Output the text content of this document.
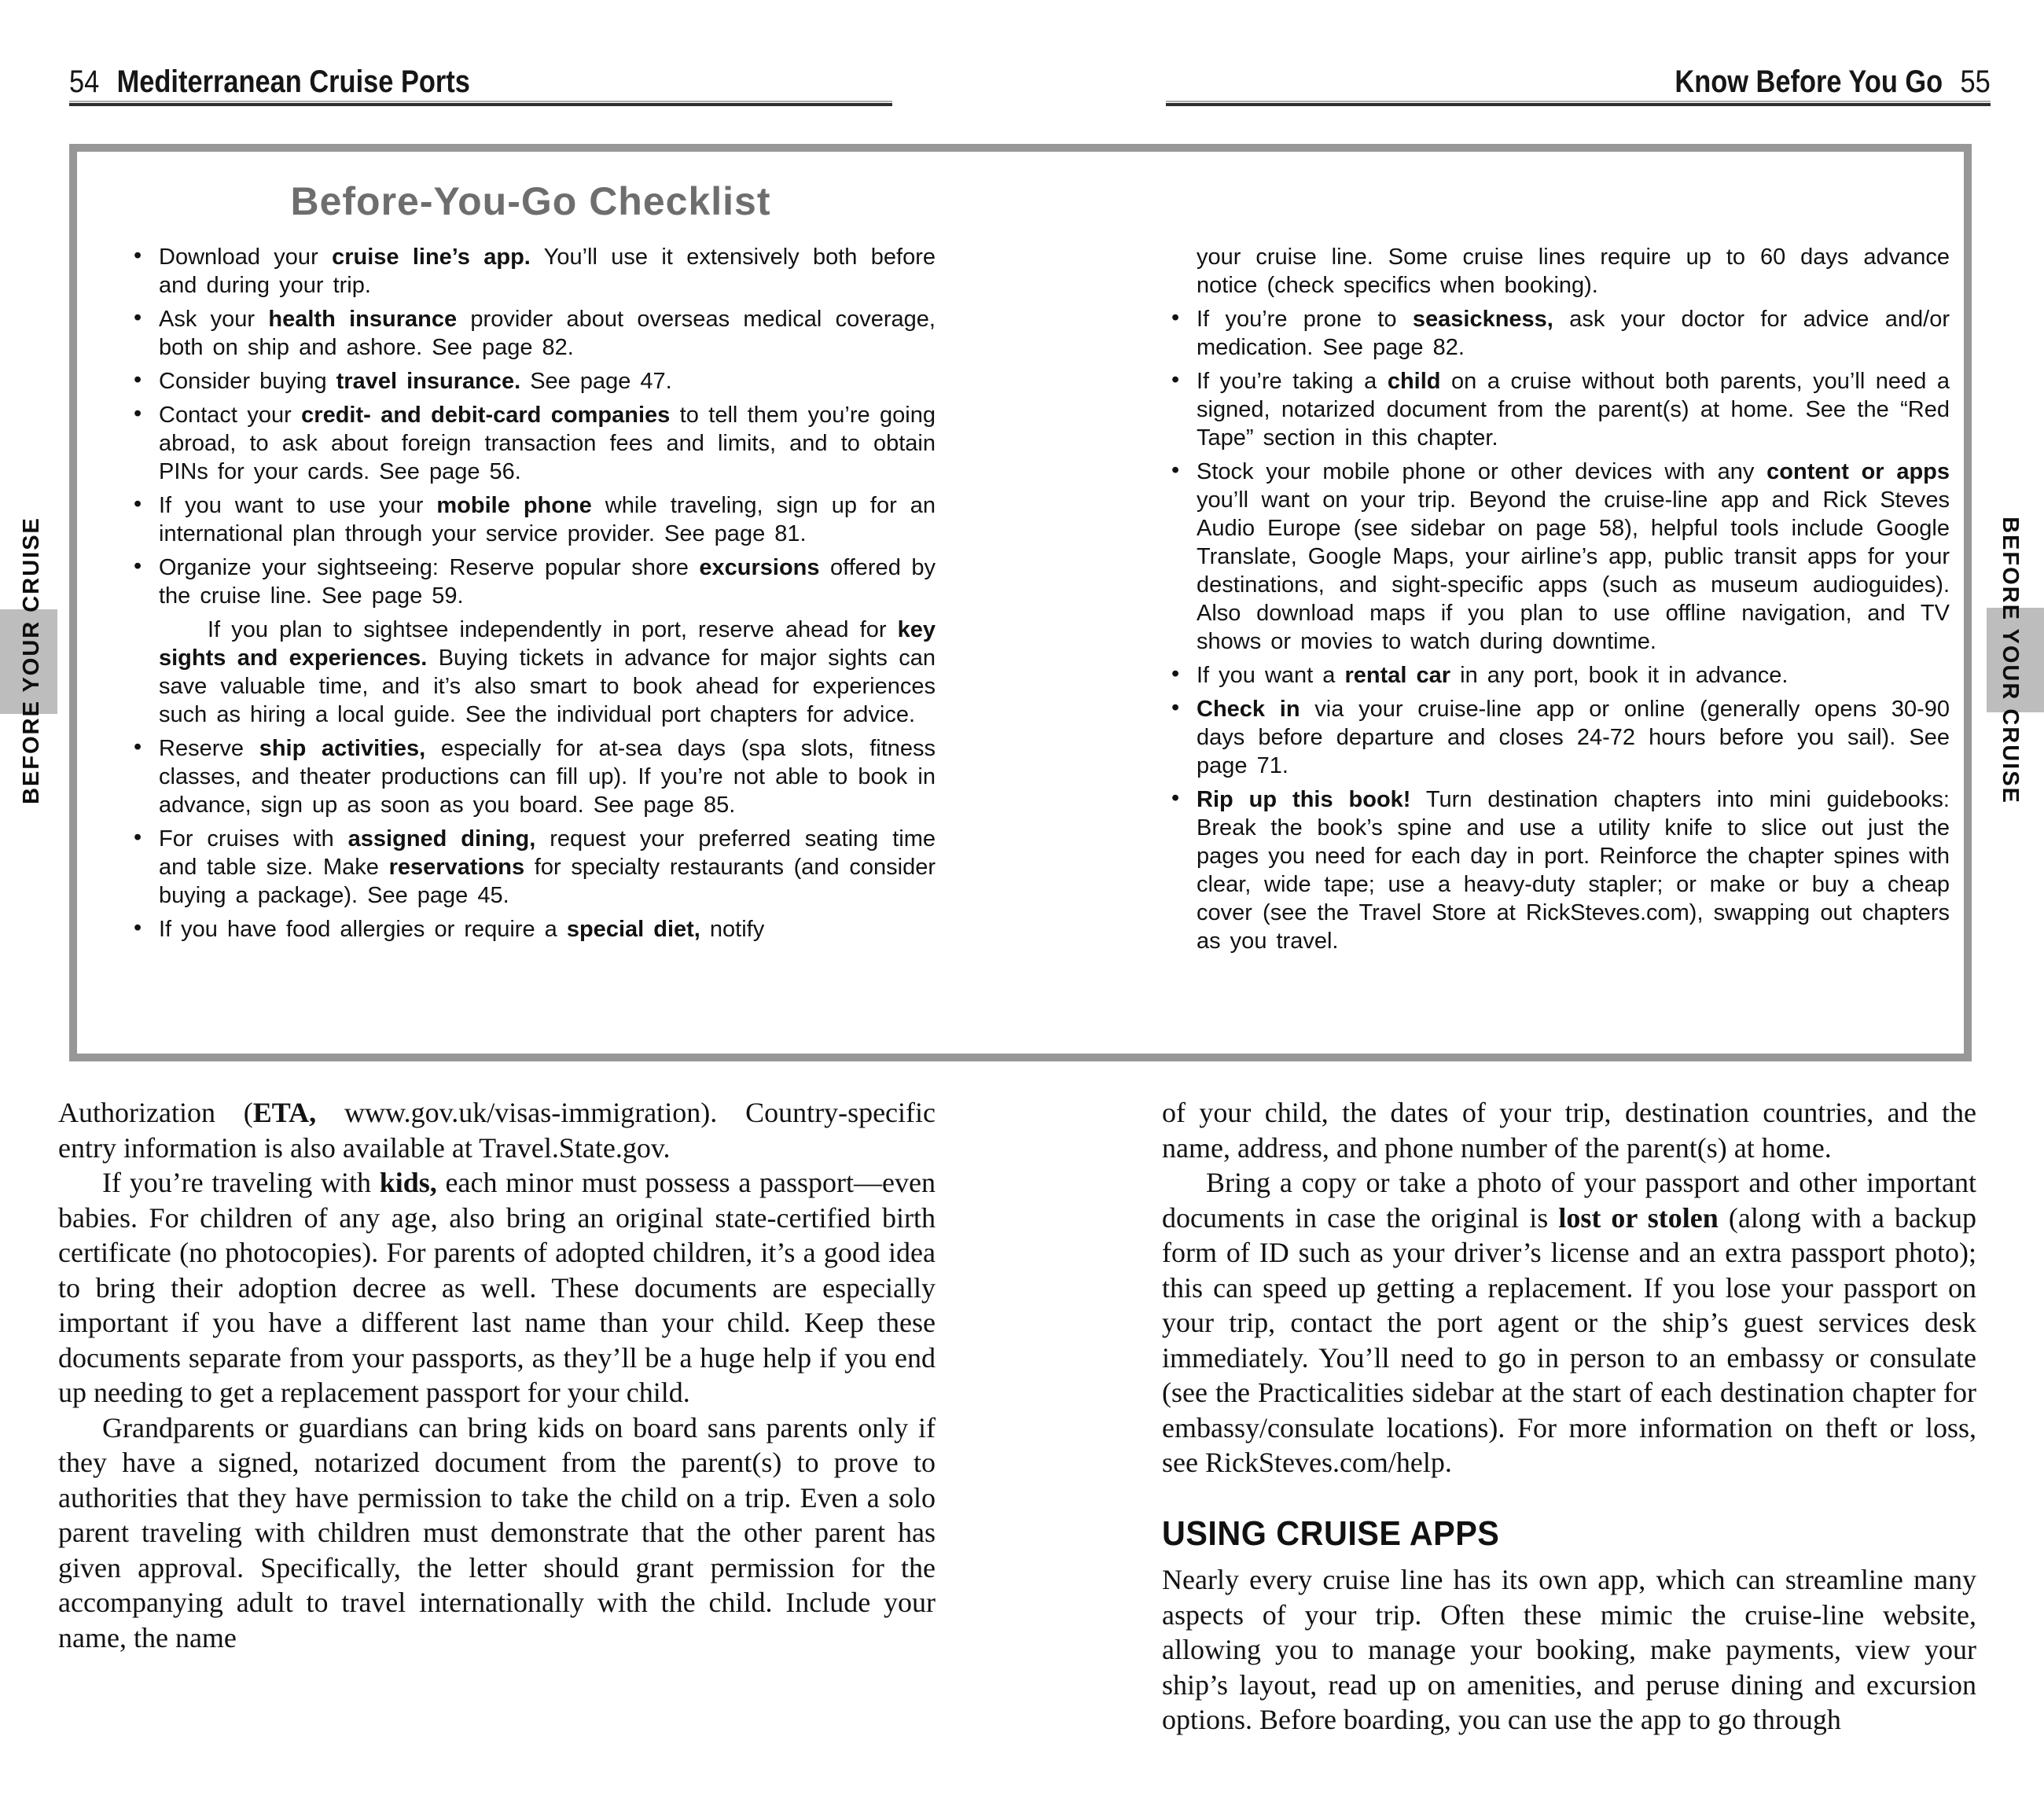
54 Mediterranean Cruise Ports	Know Before You Go 55
Before-You-Go Checklist
• Download your cruise line’s app. You’ll use it extensively both before and during your trip.
• Ask your health insurance provider about overseas medical coverage, both on ship and ashore. See page 82.
• Consider buying travel insurance. See page 47.
• Contact your credit- and debit-card companies to tell them you’re going abroad, to ask about foreign transaction fees and limits, and to obtain PINs for your cards. See page 56.
• If you want to use your mobile phone while traveling, sign up for an international plan through your service provider. See page 81.
• Organize your sightseeing: Reserve popular shore excursions offered by the cruise line. See page 59.
If you plan to sightsee independently in port, reserve ahead for key sights and experiences. Buying tickets in advance for major sights can save valuable time, and it’s also smart to book ahead for experiences such as hiring a local guide. See the individual port chapters for advice.
• Reserve ship activities, especially for at-sea days (spa slots, fitness classes, and theater productions can fill up). If you’re not able to book in advance, sign up as soon as you board. See page 85.
• For cruises with assigned dining, request your preferred seating time and table size. Make reservations for specialty restaurants (and consider buying a package). See page 45.
• If you have food allergies or require a special diet, notify
your cruise line. Some cruise lines require up to 60 days advance notice (check specifics when booking).
• If you’re prone to seasickness, ask your doctor for advice and/or medication. See page 82.
• If you’re taking a child on a cruise without both parents, you’ll need a signed, notarized document from the parent(s) at home. See the “Red Tape” section in this chapter.
• Stock your mobile phone or other devices with any content or apps you’ll want on your trip. Beyond the cruise-line app and Rick Steves Audio Europe (see sidebar on page 58), helpful tools include Google Translate, Google Maps, your airline’s app, public transit apps for your destinations, and sight-specific apps (such as museum audioguides). Also download maps if you plan to use offline navigation, and TV shows or movies to watch during downtime.
• If you want a rental car in any port, book it in advance.
• Check in via your cruise-line app or online (generally opens 30-90 days before departure and closes 24-72 hours before you sail). See page 71.
• Rip up this book! Turn destination chapters into mini guidebooks: Break the book’s spine and use a utility knife to slice out just the pages you need for each day in port. Reinforce the chapter spines with clear, wide tape; use a heavy-duty stapler; or make or buy a cheap cover (see the Travel Store at RickSteves.com), swapping out chapters as you travel.
BEFORE YOUR CRUISE	BEFORE YOUR CRUISE

Authorization (ETA, www.gov.uk/visas-immigration). Country-specific entry information is also available at Travel.State.gov.

If you’re traveling with kids, each minor must possess a passport—even babies. For children of any age, also bring an original state-certified birth certificate (no photocopies). For parents of adopted children, it’s a good idea to bring their adoption decree as well. These documents are especially important if you have a different last name than your child. Keep these documents separate from your passports, as they’ll be a huge help if you end up needing to get a replacement passport for your child.

Grandparents or guardians can bring kids on board sans parents only if they have a signed, notarized document from the parent(s) to prove to authorities that they have permission to take the child on a trip. Even a solo parent traveling with children must demonstrate that the other parent has given approval. Specifically, the letter should grant permission for the accompanying adult to travel internationally with the child. Include your name, the name

of your child, the dates of your trip, destination countries, and the name, address, and phone number of the parent(s) at home.

Bring a copy or take a photo of your passport and other important documents in case the original is lost or stolen (along with a backup form of ID such as your driver’s license and an extra passport photo); this can speed up getting a replacement. If you lose your passport on your trip, contact the port agent or the ship’s guest services desk immediately. You’ll need to go in person to an embassy or consulate (see the Practicalities sidebar at the start of each destination chapter for embassy/consulate locations). For more information on theft or loss, see RickSteves.com/help.

USING CRUISE APPS

Nearly every cruise line has its own app, which can streamline many aspects of your trip. Often these mimic the cruise-line website, allowing you to manage your booking, make payments, view your ship’s layout, read up on amenities, and peruse dining and excursion options. Before boarding, you can use the app to go through
